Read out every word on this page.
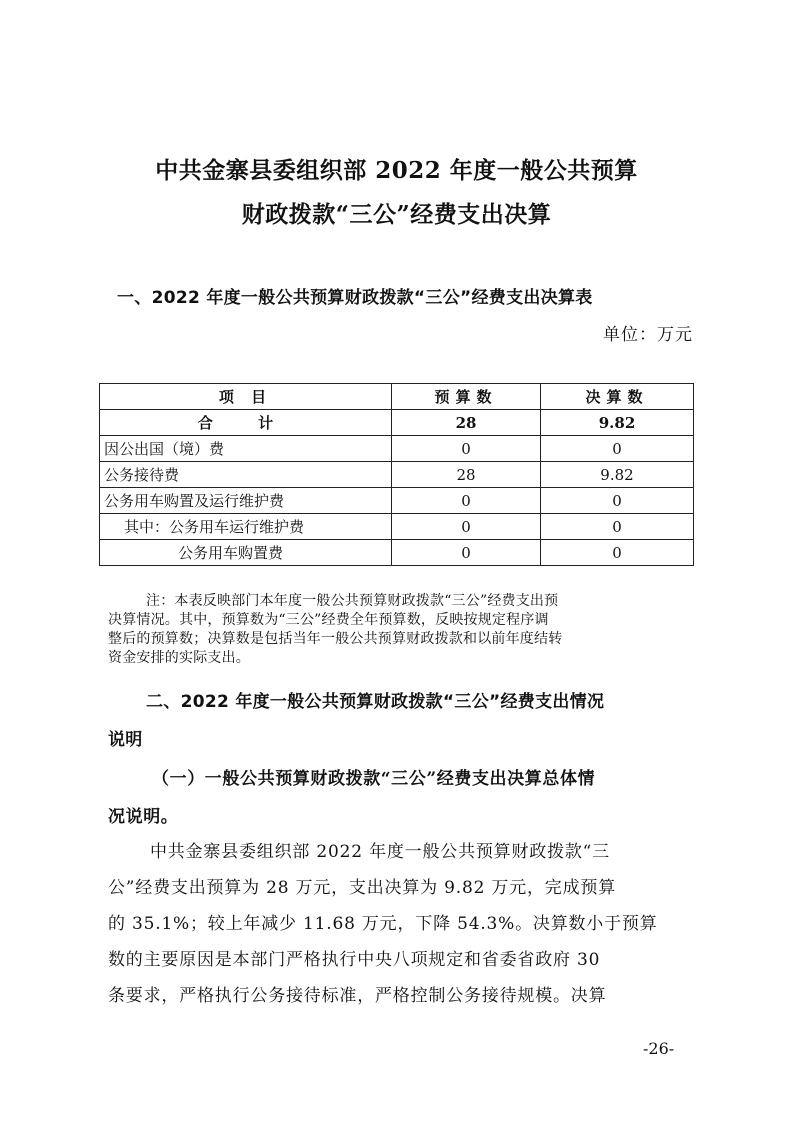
中共金寨县委组织部 2022 年度一般公共预算
财政拨款“三公”经费支出决算
一、2022 年度一般公共预算财政拨款“三公”经费支出决算表
单位：万元
项 目	预算数	决算数
合 计	28	9.82
因公出国（境）费	0	0
公务接待费	28	9.82
公务用车购置及运行维护费	0	0
其中：公务用车运行维护费	0	0
公务用车购置费	0	0
注：本表反映部门本年度一般公共预算财政拨款“三公”经费支出预
决算情况。其中，预算数为“三公”经费全年预算数，反映按规定程序调
整后的预算数；决算数是包括当年一般公共预算财政拨款和以前年度结转
资金安排的实际支出。
二、2022 年度一般公共预算财政拨款“三公”经费支出情况
说明
（一）一般公共预算财政拨款“三公”经费支出决算总体情
况说明。
中共金寨县委组织部 2022 年度一般公共预算财政拨款“三
公”经费支出预算为 28 万元，支出决算为 9.82 万元，完成预算
的 35.1%；较上年减少 11.68 万元，下降 54.3%。决算数小于预算
数的主要原因是本部门严格执行中央八项规定和省委省政府 30
条要求，严格执行公务接待标准，严格控制公务接待规模。决算
-26-
